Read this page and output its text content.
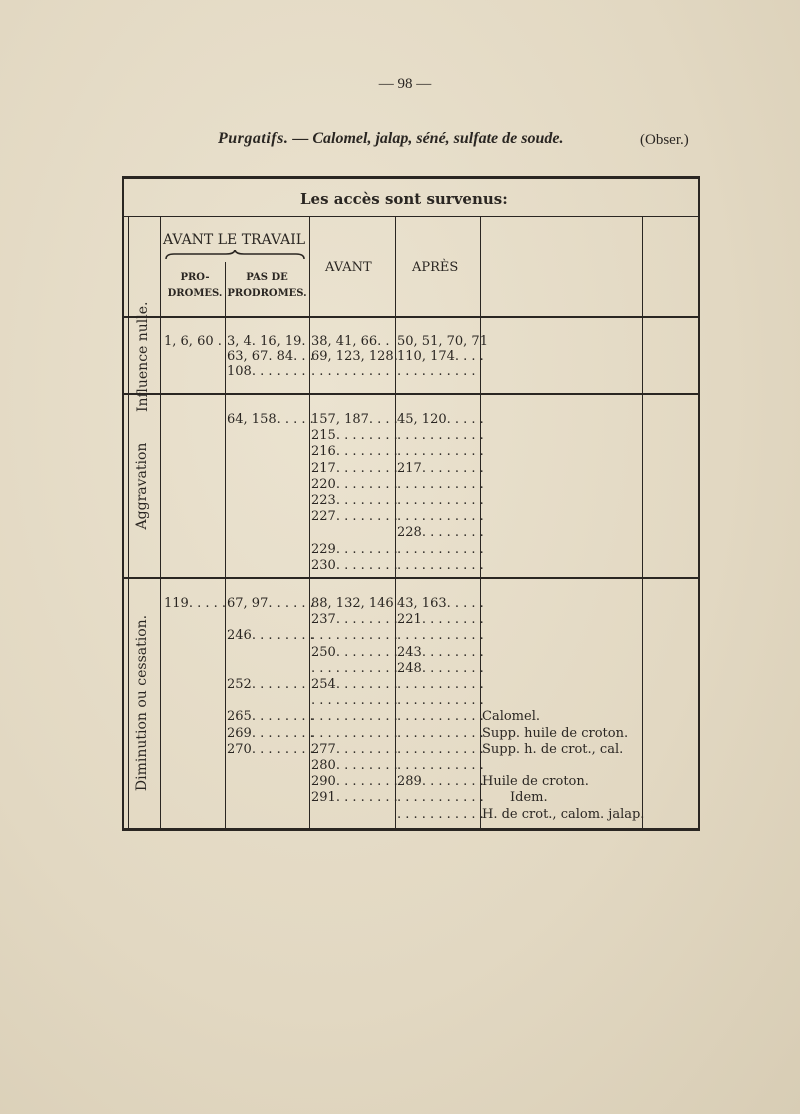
— 98 —
Purgatifs. — Calomel, jalap, séné, sulfate de soude.	(Obser.)
Les accès sont survenus:
AVANT LE TRAVAIL
PRO-
DROMES.
PAS DE
PRODROMES.
AVANT	APRÈS
Influence nulle.
Aggravation
Diminution ou cessation.
1, 6, 60 . 3, 4. 16, 19.
63, 67. 84. . .
108. . . . . . .
38, 41, 66. .
69, 123, 128.
. . . . . . . . . .
50, 51, 70, 71
110, 174. . . .
. . . . . . . . . .
64, 158. . . . .
157, 187. . . .
215. . . . . . . .
216. . . . . . . .
217. . . . . . . .
220. . . . . . . .
223. . . . . . . .
227. . . . . . . .
229. . . . . . . .
230. . . . . . . .
45, 120. . . . .
. . . . . . . . . . .
. . . . . . . . . . .
217. . . . . . . .
. . . . . . . . . . .
. . . . . . . . . . .
. . . . . . . . . . .
228. . . . . . . .
. . . . . . . . . . .
. . . . . . . . . . .
119. . . . . 67, 97. . . . . .
246. . . . . . . .
252. . . . . . .
265. . . . . . . .
269. . . . . . . .
270. . . . . . . .
88, 132, 146
237. . . . . . . .
. . . . . . . . . . .
250. . . . . . . .
. . . . . . . . . . .
254. . . . . . . .
. . . . . . . . . . .
. . . . . . . . . . .
. . . . . . . . . . .
277. . . . . . . .
280. . . . . . . .
290. . . . . . . .
291. . . . . . . .
43, 163. . . . .
221. . . . . . . .
. . . . . . . . . . .
243. . . . . . . .
248. . . . . . . .
. . . . . . . . . . .
. . . . . . . . . . .
. . . . . . . . . . .
. . . . . . . . . . .
. . . . . . . . . . .
. . . . . . . . . . .
289. . . . . . . .
. . . . . . . . . . .
. . . . . . . . . . .
Calomel.
Supp. huile de croton.
Supp. h. de crot., cal.
Huile de croton.
Idem.
H. de crot., calom. jalap.
